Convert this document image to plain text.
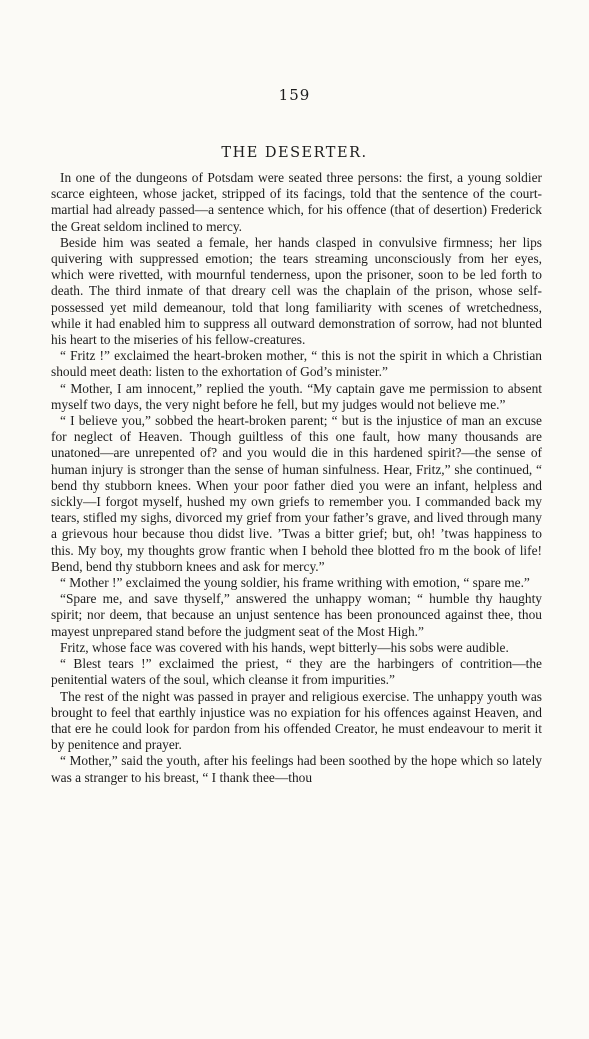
159
THE DESERTER.

In one of the dungeons of Potsdam were seated three persons: the first, a young soldier scarce eighteen, whose jacket, stripped of its facings, told that the sentence of the court-martial had already passed—a sentence which, for his offence (that of desertion) Frederick the Great seldom inclined to mercy.

Beside him was seated a female, her hands clasped in convulsive firmness; her lips quivering with suppressed emotion; the tears streaming unconsciously from her eyes, which were rivetted, with mournful tenderness, upon the prisoner, soon to be led forth to death. The third inmate of that dreary cell was the chaplain of the prison, whose self-possessed yet mild demeanour, told that long familiarity with scenes of wretchedness, while it had enabled him to suppress all outward demonstration of sorrow, had not blunted his heart to the miseries of his fellow-creatures.

“ Fritz !” exclaimed the heart-broken mother, “ this is not the spirit in which a Christian should meet death: listen to the exhortation of God’s minister.”

“ Mother, I am innocent,” replied the youth. “My captain gave me permission to absent myself two days, the very night before he fell, but my judges would not believe me.”

“ I believe you,” sobbed the heart-broken parent; “ but is the injustice of man an excuse for neglect of Heaven. Though guiltless of this one fault, how many thousands are unatoned—are unrepented of? and you would die in this hardened spirit?—the sense of human injury is stronger than the sense of human sinfulness. Hear, Fritz,” she continued, “ bend thy stubborn knees. When your poor father died you were an infant, helpless and sickly—I forgot myself, hushed my own griefs to remember you. I commanded back my tears, stifled my sighs, divorced my grief from your father’s grave, and lived through many a grievous hour because thou didst live. ’Twas a bitter grief; but, oh! ’twas happiness to this. My boy, my thoughts grow frantic when I behold thee blotted fro m the book of life! Bend, bend thy stubborn knees and ask for mercy.”

“ Mother !” exclaimed the young soldier, his frame writhing with emotion, “ spare me.”

“Spare me, and save thyself,” answered the unhappy woman; “ humble thy haughty spirit; nor deem, that because an unjust sentence has been pronounced against thee, thou mayest unprepared stand before the judgment seat of the Most High.”

Fritz, whose face was covered with his hands, wept bitterly—his sobs were audible.

“ Blest tears !” exclaimed the priest, “ they are the harbingers of contrition—the penitential waters of the soul, which cleanse it from impurities.”

The rest of the night was passed in prayer and religious exercise. The unhappy youth was brought to feel that earthly injustice was no expiation for his offences against Heaven, and that ere he could look for pardon from his offended Creator, he must endeavour to merit it by penitence and prayer.

“ Mother,” said the youth, after his feelings had been soothed by the hope which so lately was a stranger to his breast, “ I thank thee—thou
